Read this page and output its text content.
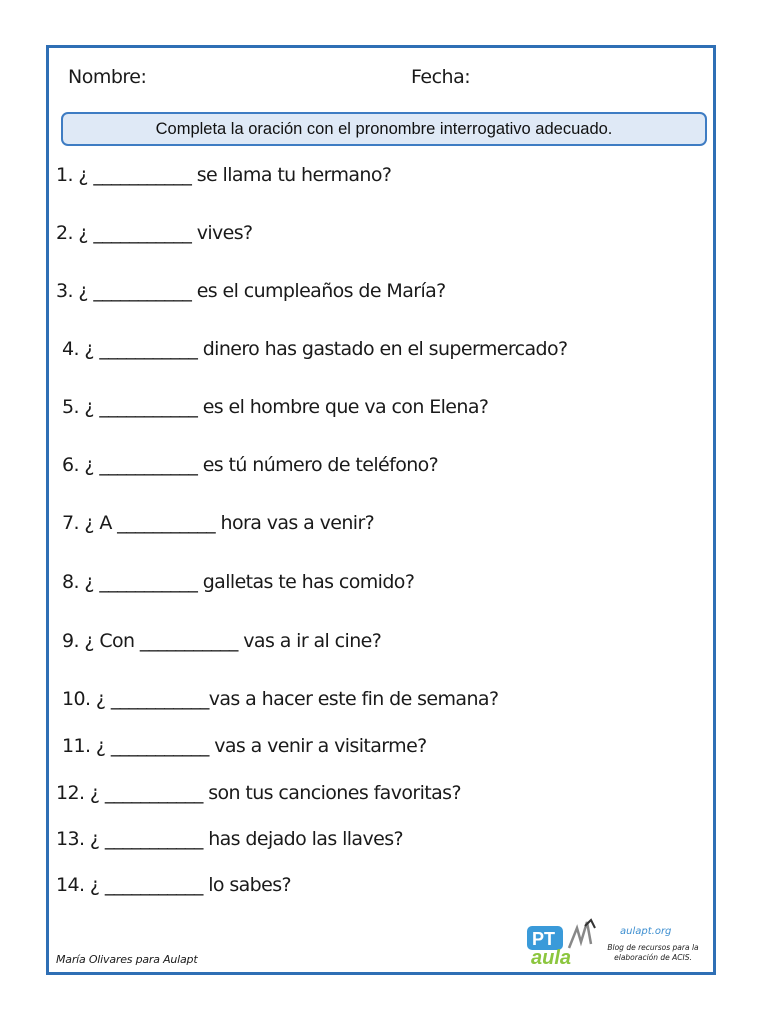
Nombre:	Fecha:
Completa la oración con el pronombre interrogativo adecuado.
1. ¿ ___________ se llama tu hermano?
2. ¿ ___________ vives?
3. ¿ ___________ es el cumpleaños de María?
4. ¿ ___________ dinero has gastado en el supermercado?
5. ¿ ___________ es el hombre que va con Elena?
6. ¿ ___________ es tú número de teléfono?
7. ¿ A ___________ hora vas a venir?
8. ¿ ___________ galletas te has comido?
9. ¿ Con ___________ vas a ir al cine?
10. ¿ ___________vas a hacer este fin de semana?
11. ¿ ___________ vas a venir a visitarme?
12. ¿ ___________ son tus canciones favoritas?
13. ¿ ___________ has dejado las llaves?
14. ¿ ___________ lo sabes?
María Olivares para Aulapt
PT
aula
aulapt.org
Blog de recursos para la elaboración de ACIS.
